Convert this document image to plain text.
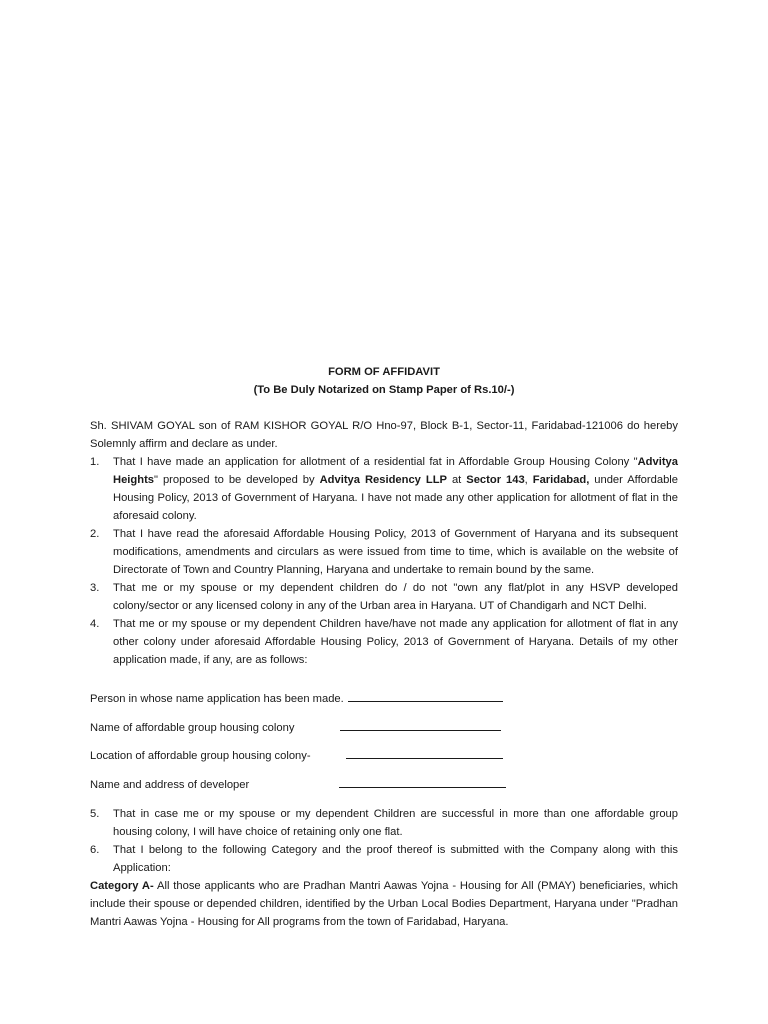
FORM OF AFFIDAVIT
(To Be Duly Notarized on Stamp Paper of Rs.10/-)
Sh. SHIVAM GOYAL son of RAM KISHOR GOYAL R/O Hno-97, Block B-1, Sector-11, Faridabad-121006 do hereby Solemnly affirm and declare as under.
1. That I have made an application for allotment of a residential fat in Affordable Group Housing Colony "Advitya Heights" proposed to be developed by Advitya Residency LLP at Sector 143, Faridabad, under Affordable Housing Policy, 2013 of Government of Haryana. I have not made any other application for allotment of flat in the aforesaid colony.
2. That I have read the aforesaid Affordable Housing Policy, 2013 of Government of Haryana and its subsequent modifications, amendments and circulars as were issued from time to time, which is available on the website of Directorate of Town and Country Planning, Haryana and undertake to remain bound by the same.
3. That me or my spouse or my dependent children do / do not "own any flat/plot in any HSVP developed colony/sector or any licensed colony in any of the Urban area in Haryana. UT of Chandigarh and NCT Delhi.
4. That me or my spouse or my dependent Children have/have not made any application for allotment of flat in any other colony under aforesaid Affordable Housing Policy, 2013 of Government of Haryana. Details of my other application made, if any, are as follows:
Person in whose name application has been made.
Name of affordable group housing colony
Location of affordable group housing colony-
Name and address of developer
5. That in case me or my spouse or my dependent Children are successful in more than one affordable group housing colony, I will have choice of retaining only one flat.
6. That I belong to the following Category and the proof thereof is submitted with the Company along with this Application:
Category A- All those applicants who are Pradhan Mantri Aawas Yojna - Housing for All (PMAY) beneficiaries, which include their spouse or depended children, identified by the Urban Local Bodies Department, Haryana under "Pradhan Mantri Aawas Yojna - Housing for All programs from the town of Faridabad, Haryana.
